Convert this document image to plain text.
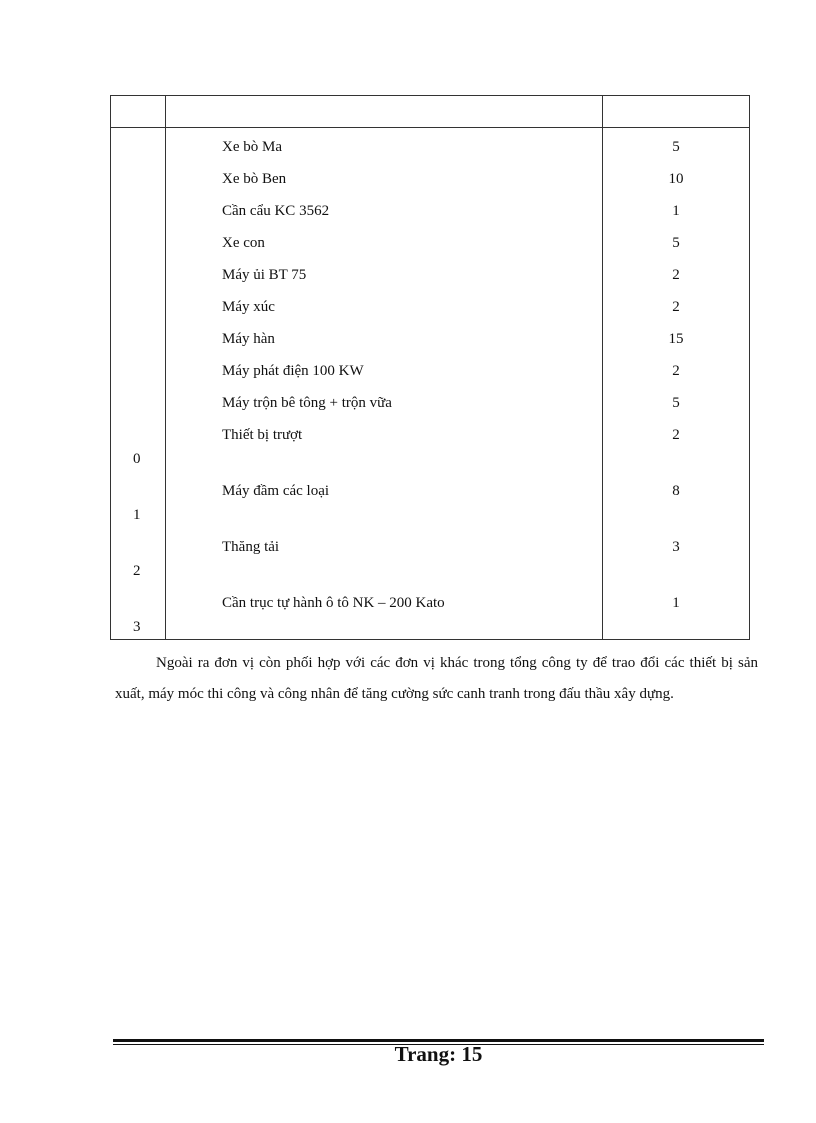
Xe bò Ma	5
Xe bò Ben	10
Cần cẩu KC 3562	1
Xe con	5
Máy ủi BT 75	2
Máy xúc	2
Máy hàn	15
Máy phát điện 100 KW	2
Máy trộn bê tông + trộn vữa	5
Thiết bị trượt	2
0
Máy đầm các loại	8
1
Thăng tải	3
2
Cần trục tự hành ô tô NK – 200 Kato	1
3

Ngoài ra đơn vị còn phối hợp với các đơn vị khác trong tổng công ty để trao đổi các thiết bị sản xuất, máy móc thi công và công nhân để tăng cường sức canh tranh trong đấu thầu xây dựng.

Trang: 15
